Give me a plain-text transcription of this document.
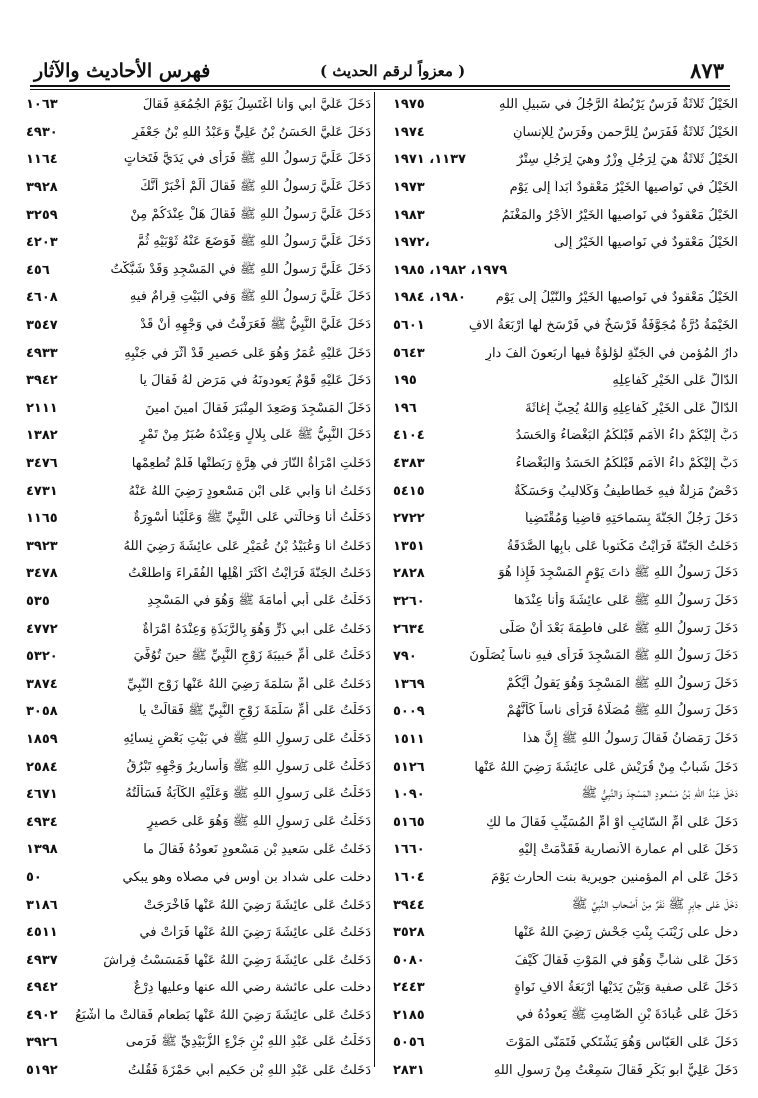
٨٧٣
( معزواً لرقم الحديث )
فهرس الأحاديث والآثار
الخَيْلُ ثَلاثَةٌ فَرَسٌ يَرْبُطُهُ الرَّجُلُ في سَبيلِ اللهِ
١٩٧٥
الخَيْلُ ثَلاثَةٌ فَفَرَسٌ لِلرَّحمنِ وفَرَسٌ لِلإِنسانِ
١٩٧٤
الخَيْلُ ثَلاثَةٌ هيَ لِرَجُلٍ وِزْرٌ وهيَ لِرَجُلٍ سِتْرٌ
١١٣٧، ١٩٧١
الخَيْلُ في نَواصيها الخَيْرُ مَعْقودٌ أَبَداً إِلى يَوْمِ
١٩٧٣
الخَيْلُ مَعْقودٌ في نَواصيها الخَيْرُ الأَجْرُ والمَغْنَمُ
١٩٨٣
الخَيْلُ مَعْقودٌ في نَواصيها الخَيْرُ إِلى
١٩٧٢،
١٩٧٩، ١٩٨٢، ١٩٨٥
الخَيْلُ مَعْقودٌ في نَواصيها الخَيْرُ والنَّيْلُ إِلى يَوْمِ
١٩٨٠، ١٩٨٤
الخَيْمَةُ دُرَّةٌ مُجَوَّفَةٌ فَرْسَخٌ في فَرْسَخٍ لَها أَرْبَعَةُ آلافِ
٥٦٠١
دارُ المُؤمنِ في الجَنَّةِ لُؤلُؤةٌ فيها أَربَعونَ أَلفَ دارٍ
٥٦٤٣
الدّالُّ عَلَى الخَيْرِ كَفاعِلِهِ
١٩٥
الدّالُّ عَلَى الخَيْرِ كَفاعِلِهِ وَاللهُ يُحِبُّ إِغاثَةَ
١٩٦
دَبَّ إِلَيْكُمْ داءُ الأُمَمِ قَبْلَكُمُ البَغْضاءُ وَالحَسَدُ
٤١٠٤
دَبَّ إِلَيْكُمْ داءُ الأُمَمِ قَبْلَكُمُ الحَسَدُ وَالبَغْضاءُ
٤٣٨٣
دَحْضٌ مَزِلَّةٌ فيهِ خَطاطيفُ وَكَلاليبُ وَحَسَكَةٌ
٥٤١٥
دَخَلَ رَجُلٌ الجَنَّةَ بِسَماحَتِهِ قاضِياً وَمُقْتَضِياً
٢٧٢٢
دَخَلْتُ الجَنَّةَ فَرَأَيْتُ مَكْتوباً عَلى بابِها الصَّدَقَةُ
١٣٥١
دَخَلَ رَسولُ اللهِ ﷺ ذاتَ يَوْمٍ المَسْجِدَ فَإِذا هُوَ
٢٨٢٨
دَخَلَ رَسولُ اللهِ ﷺ عَلى عائِشَةَ وَأَنا عِنْدَها
٣٢٦٠
دَخَلَ رَسولُ اللهِ ﷺ عَلى فاطِمَةَ بَعْدَ أَنْ صَلّى
٢٦٣٤
دَخَلَ رَسولُ اللهِ ﷺ المَسْجِدَ فَرَأى فيهِ ناساً يُصَلّونَ
٧٩٠
دَخَلَ رَسولُ اللهِ ﷺ المَسْجِدَ وَهُوَ يَقولُ أَيُّكُمْ
١٣٦٩
دَخَلَ رَسولُ اللهِ ﷺ مُصَلّاهُ فَرَأى ناساً كَأَنَّهُمْ
٥٠٠٩
دَخَلَ رَمَضانُ فَقالَ رَسولُ اللهِ ﷺ إِنَّ هذا
١٥١١
دَخَلَ شَبابٌ مِنْ قُرَيْشٍ عَلى عائِشَةَ رَضِيَ اللهُ عَنْها
٥١٢٦
دَخَلَ عَبْدُ اللهِ بْنُ مَسْعودٍ المَسْجِدَ وَالنَّبِيُّ ﷺ
١٠٩٠
دَخَلَ عَلى أُمِّ السّائِبِ أَوْ أُمِّ المُسَيِّبِ فَقالَ ما لَكِ
٥١٦٥
دَخَلَ عَلى أم عمارة الأنصارية فَقَدَّمَتْ إِلَيْهِ
١٦٦٠
دَخَلَ عَلى أم المؤمنين جويرية بنت الحارث يَوْمَ
١٦٠٤
دَخَلَ عَلى جابِرٍ ﷺ نَفَرٌ مِنْ أَصْحابِ النَّبِيِّ ﷺ
٣٩٤٤
دخل على زَيْنَبَ بِنْتِ جَحْشٍ رَضِيَ اللهُ عَنْها
٣٥٢٨
دَخَلَ عَلى شابٍّ وَهُوَ في المَوْتِ فَقالَ كَيْفَ
٥٠٨٠
دَخَلَ عَلى صفية وَبَيْنَ يَدَيْها أَرْبَعَةُ آلافِ نَواةٍ
٢٤٤٣
دَخَلَ عَلى عُبادَةَ بْنِ الصّامِتِ ﷺ يَعودُهُ في
٢١٨٥
دَخَلَ عَلى العَبّاسِ وَهُوَ يَشْتَكي فَتَمَنّى المَوْتَ
٥٠٥٦
دَخَلَ عَلِيٌّ أَبو بَكْرٍ فَقالَ سَمِعْتُ مِنْ رَسولِ اللهِ
٢٨٣١
دَخَلَ عَلَيَّ أَبي وَأَنا أَغْتَسِلُ يَوْمَ الجُمُعَةِ فَقالَ
١٠٦٣
دَخَلَ عَلَيَّ الحَسَنُ بْنُ عَلِيٍّ وَعَبْدُ اللهِ بْنُ جَعْفَرٍ
٤٩٣٠
دَخَلَ عَلَيَّ رَسولُ اللهِ ﷺ فَرَأى في يَدَيَّ فَتَخاتٍ
١١٦٤
دَخَلَ عَلَيَّ رَسولُ اللهِ ﷺ فَقالَ أَلَمْ أُخْبَرْ أَنَّكَ
٣٩٢٨
دَخَلَ عَلَيَّ رَسولُ اللهِ ﷺ فَقالَ هَلْ عِنْدَكُمْ مِنْ
٣٢٥٩
دَخَلَ عَلَيَّ رَسولُ اللهِ ﷺ فَوَضَعَ عَنْهُ ثَوْبَيْهِ ثُمَّ
٤٢٠٣
دَخَلَ عَلَيَّ رَسولُ اللهِ ﷺ في المَسْجِدِ وَقَدْ شَبَّكْتُ
٤٥٦
دَخَلَ عَلَيَّ رَسولُ اللهِ ﷺ وَفي البَيْتِ قِرامٌ فيهِ
٤٦٠٨
دَخَلَ عَلَيَّ النَّبِيُّ ﷺ فَعَرَفْتُ في وَجْهِهِ أَنْ قَدْ
٣٥٤٧
دَخَلَ عَلَيْهِ عُمَرُ وَهُوَ عَلى حَصيرٍ قَدْ أَثَّرَ في جَنْبِهِ
٤٩٣٣
دَخَلَ عَلَيْهِ قَوْمٌ يَعودونَهُ في مَرَضٍ لَهُ فَقالَ يا
٣٩٤٢
دَخَلَ المَسْجِدَ وَصَعِدَ المِنْبَرَ فَقالَ آمينَ آمينَ
٢١١١
دَخَلَ النَّبِيُّ ﷺ عَلى بِلالٍ وَعِنْدَهُ صُبَرٌ مِنْ تَمْرٍ
١٣٨٢
دَخَلَتِ امْرَأَةٌ النّارَ في هِرَّةٍ رَبَطَتْها فَلَمْ تُطْعِمْها
٣٤٧٦
دَخَلْتُ أَنا وَأَبي عَلى ابْنِ مَسْعودٍ رَضِيَ اللهُ عَنْهُ
٤٧٣١
دَخَلْتُ أَنا وَخالَتي عَلى النَّبِيِّ ﷺ وَعَلَيْنا أَسْوِرَةٌ
١١٦٥
دَخَلْتُ أَنا وَعُبَيْدُ بْنُ عُمَيْرٍ عَلى عائِشَةَ رَضِيَ اللهُ
٣٩٢٣
دَخَلْتُ الجَنَّةَ فَرَأَيْتُ أَكْثَرَ أَهْلِها الفُقَراءَ وَاطَّلَعْتُ
٣٤٧٨
دَخَلْتُ عَلى أَبي أُمامَةَ ﷺ وَهُوَ في المَسْجِدِ
٥٣٥
دَخَلْتُ عَلى أَبي ذَرٍّ وَهُوَ بِالرَّبَذَةِ وَعِنْدَهُ امْرَأَةٌ
٤٧٧٢
دَخَلْتُ عَلى أُمِّ حَبيبَةَ زَوْجِ النَّبِيِّ ﷺ حينَ تُوُفِّيَ
٥٣٢٠
دَخَلْتُ عَلى أُمِّ سَلَمَةَ رَضِيَ اللهُ عَنْها زَوْجِ النَّبِيِّ
٣٨٧٤
دَخَلْتُ عَلى أُمِّ سَلَمَةَ زَوْجِ النَّبِيِّ ﷺ فَقالَتْ يا
٣٠٥٨
دَخَلْتُ عَلى رَسولِ اللهِ ﷺ في بَيْتِ بَعْضِ نِسائِهِ
١٨٥٩
دَخَلْتُ عَلى رَسولِ اللهِ ﷺ وَأَساريرُ وَجْهِهِ تَبْرُقُ
٢٥٨٤
دَخَلْتُ عَلى رَسولِ اللهِ ﷺ وَعَلَيْهِ الكَآبَةُ فَسَأَلْتُهُ
٤٦٧١
دَخَلْتُ عَلى رَسولِ اللهِ ﷺ وَهُوَ عَلى حَصيرٍ
٤٩٣٤
دَخَلْتُ عَلى سَعيدِ بْنِ مَسْعودٍ نَعودُهُ فَقالَ ما
١٣٩٨
دخلت على شداد بن أوس في مصلاه وهو يبكي
٥٠
دَخَلْتُ عَلى عائِشَةَ رَضِيَ اللهُ عَنْها فَأَخْرَجَتْ
٣١٨٦
دَخَلْتُ عَلى عائِشَةَ رَضِيَ اللهُ عَنْها فَرَأَتْ في
٤٥١١
دَخَلْتُ عَلى عائِشَةَ رَضِيَ اللهُ عَنْها فَمَسَسْتُ فِراشَ
٤٩٣٧
دخلت على عائشة رضي الله عنها وعليها دِرْعٌ
٤٩٤٢
دَخَلْتُ عَلى عائِشَةَ رَضِيَ اللهُ عَنْها بَطْعامٍ فَقالَتْ ما أَشْبَعُ
٤٩٠٢
دَخَلْتُ عَلى عَبْدِ اللهِ بْنِ جَزْءٍ الزُّبَيْدِيِّ ﷺ فَرَمى
٣٩٢٦
دَخَلْتُ عَلى عَبْدِ اللهِ بْنِ حَكيمٍ أَبي حَمْزَةَ فَقُلْتُ
٥١٩٢
